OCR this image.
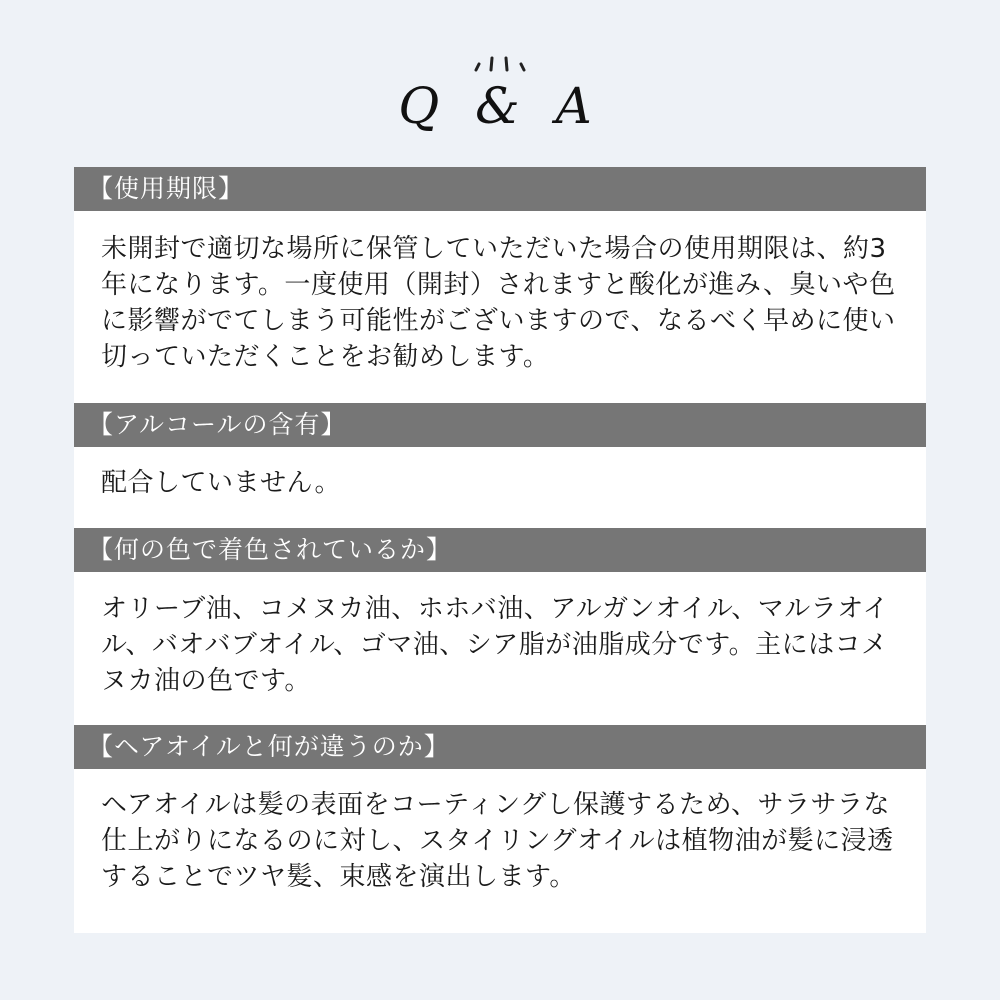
Q & A
【使用期限】
未開封で適切な場所に保管していただいた場合の使用期限は、約3年になります。一度使用（開封）されますと酸化が進み、臭いや色に影響がでてしまう可能性がございますので、なるべく早めに使い切っていただくことをお勧めします。
【アルコールの含有】
配合していません。
【何の色で着色されているか】
オリーブ油、コメヌカ油、ホホバ油、アルガンオイル、マルラオイル、バオバブオイル、ゴマ油、シア脂が油脂成分です。主にはコメヌカ油の色です。
【ヘアオイルと何が違うのか】
ヘアオイルは髪の表面をコーティングし保護するため、サラサラな仕上がりになるのに対し、スタイリングオイルは植物油が髪に浸透することでツヤ髪、束感を演出します。
